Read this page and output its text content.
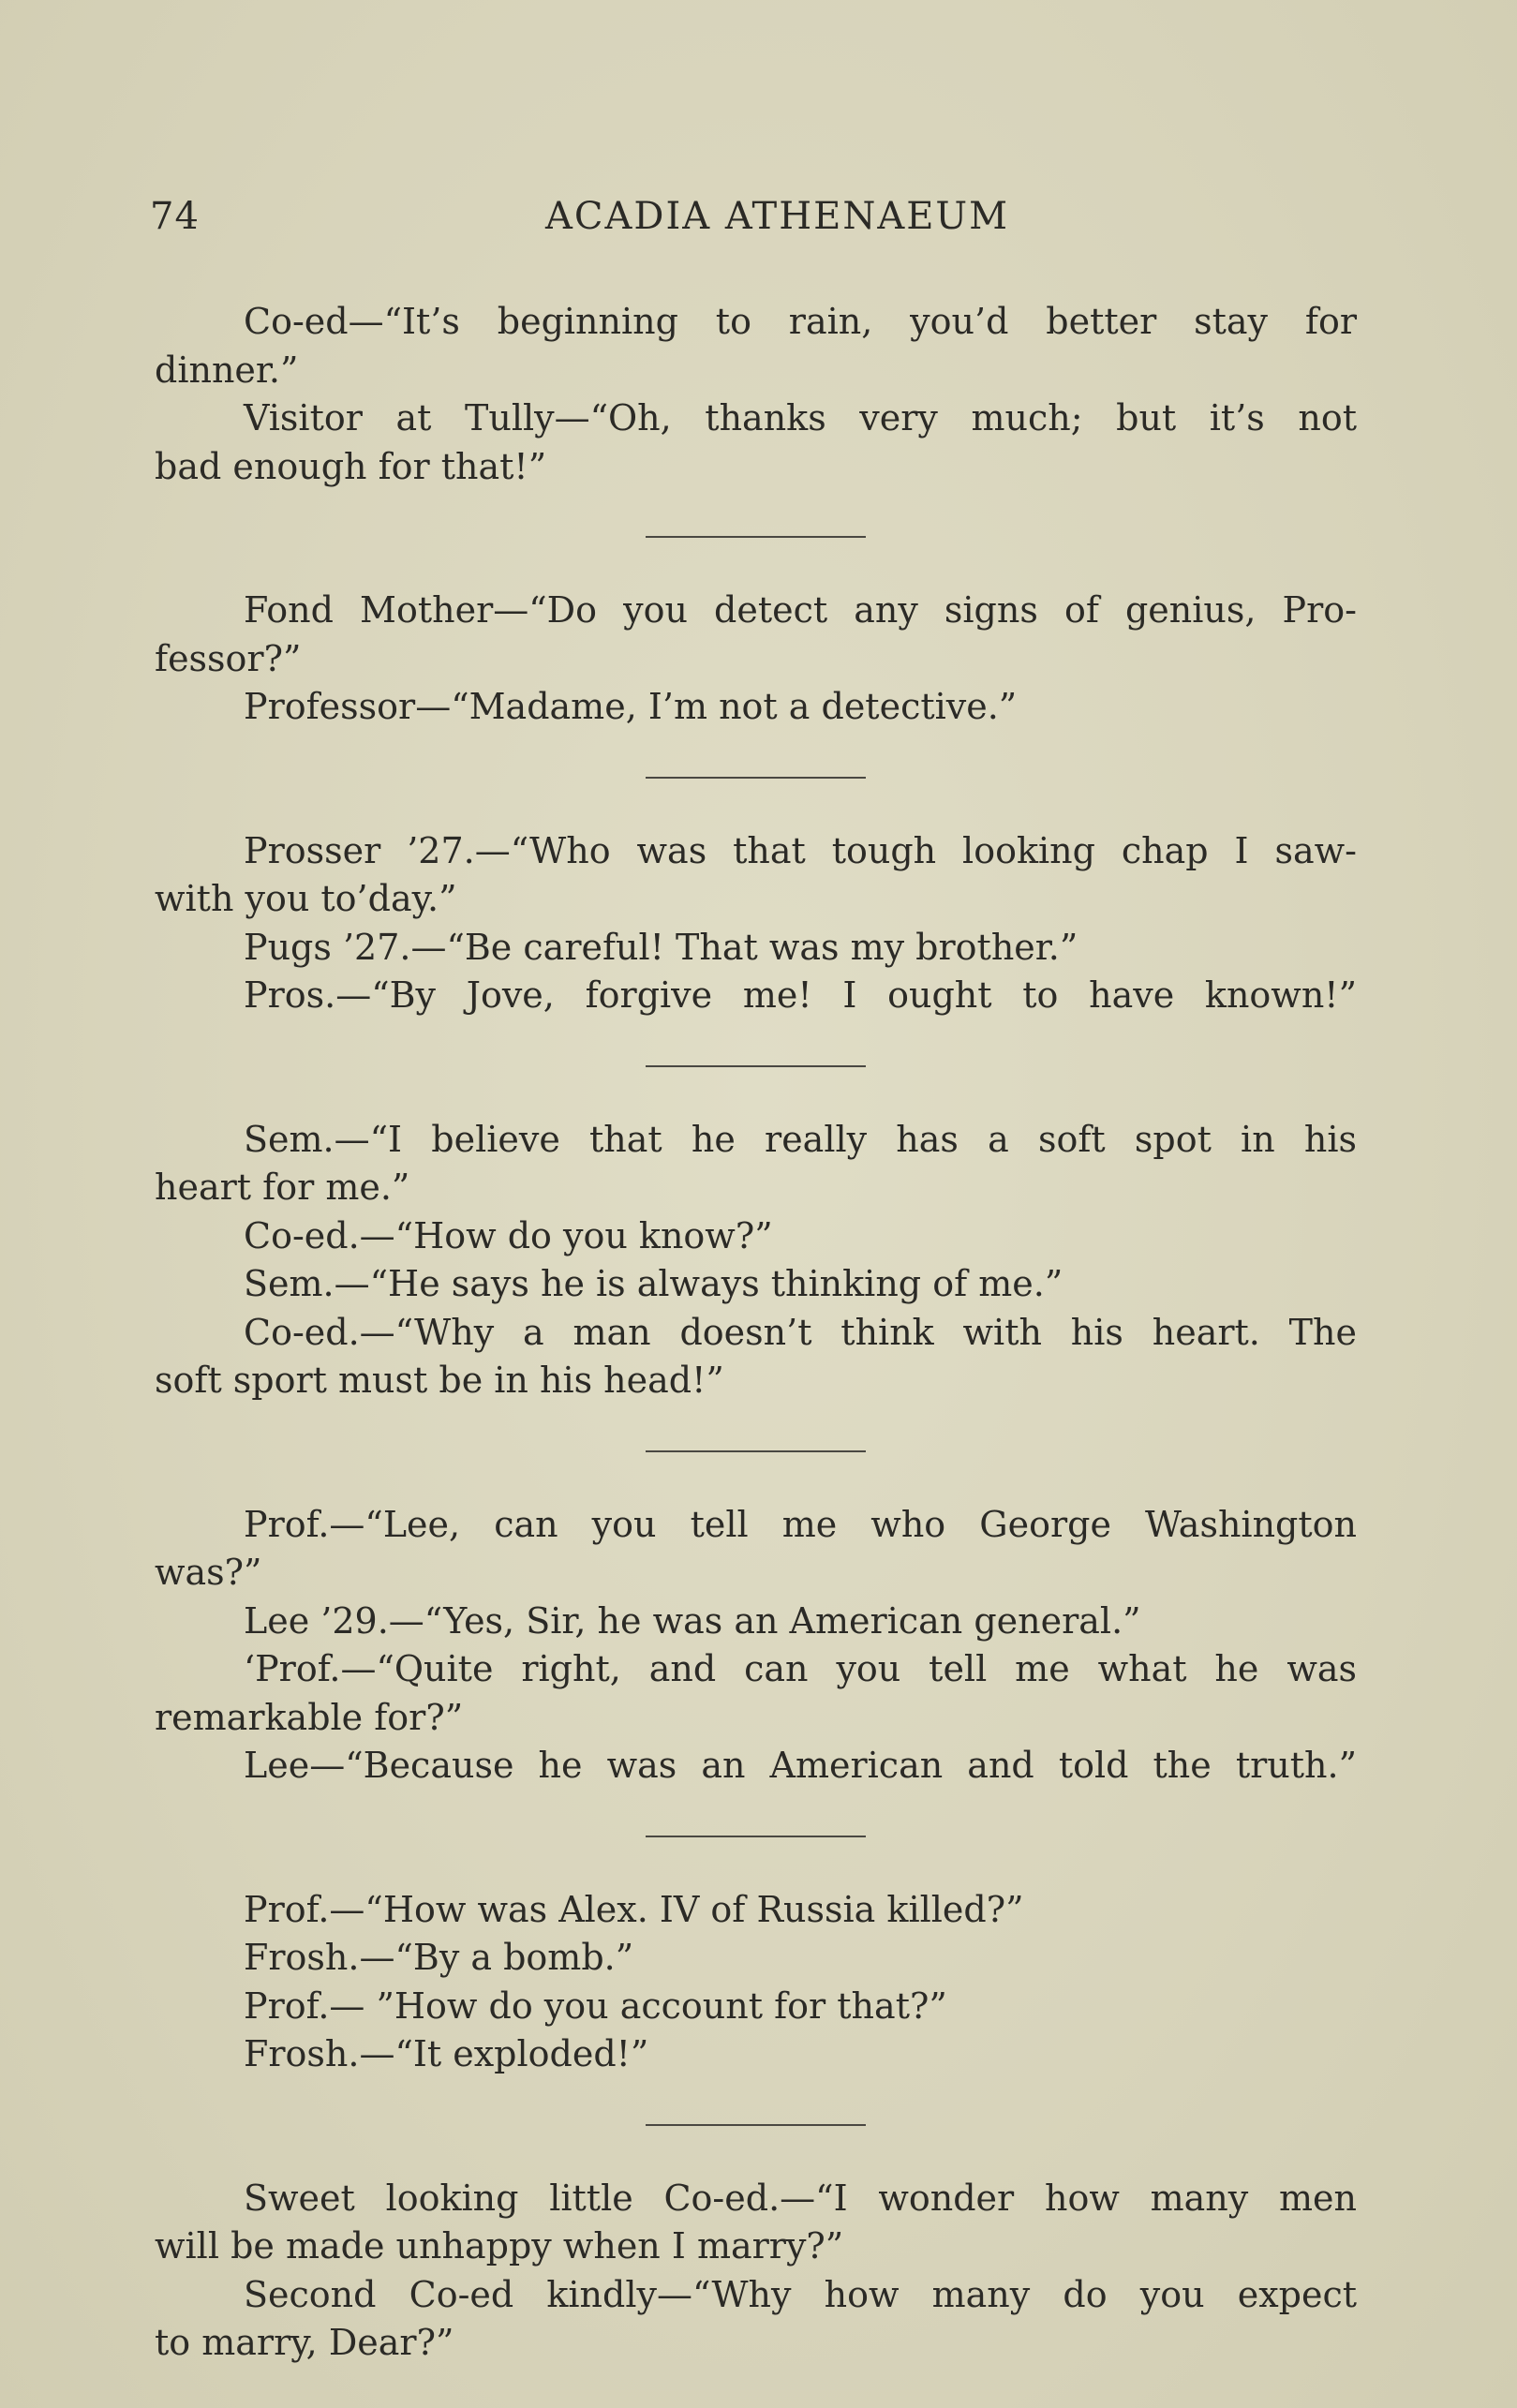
74	ACADIA ATHENAEUM

Co-ed—“It’s beginning to rain, you’d better stay for

dinner.”

Visitor at Tully—“Oh, thanks very much; but it’s not

bad enough for that!”

Fond Mother—“Do you detect any signs of genius, Pro-

fessor?”

Professor—“Madame, I’m not a detective.”

Prosser ’27.—“Who was that tough looking chap I saw-

with you to’day.”

Pugs ’27.—“Be careful! That was my brother.”

Pros.—“By Jove, forgive me! I ought to have known!”

Sem.—“I believe that he really has a soft spot in his

heart for me.”

Co-ed.—“How do you know?”

Sem.—“He says he is always thinking of me.”

Co-ed.—“Why a man doesn’t think with his heart. The

soft sport must be in his head!”

Prof.—“Lee, can you tell me who George Washington

was?”

Lee ’29.—“Yes, Sir, he was an American general.”

‘Prof.—“Quite right, and can you tell me what he was

remarkable for?”

Lee—“Because he was an American and told the truth.”

Prof.—“How was Alex. IV of Russia killed?”

Frosh.—“By a bomb.”

Prof.— ”How do you account for that?”

Frosh.—“It exploded!”

Sweet looking little Co-ed.—“I wonder how many men

will be made unhappy when I marry?”

Second Co-ed kindly—“Why how many do you expect

to marry, Dear?”
